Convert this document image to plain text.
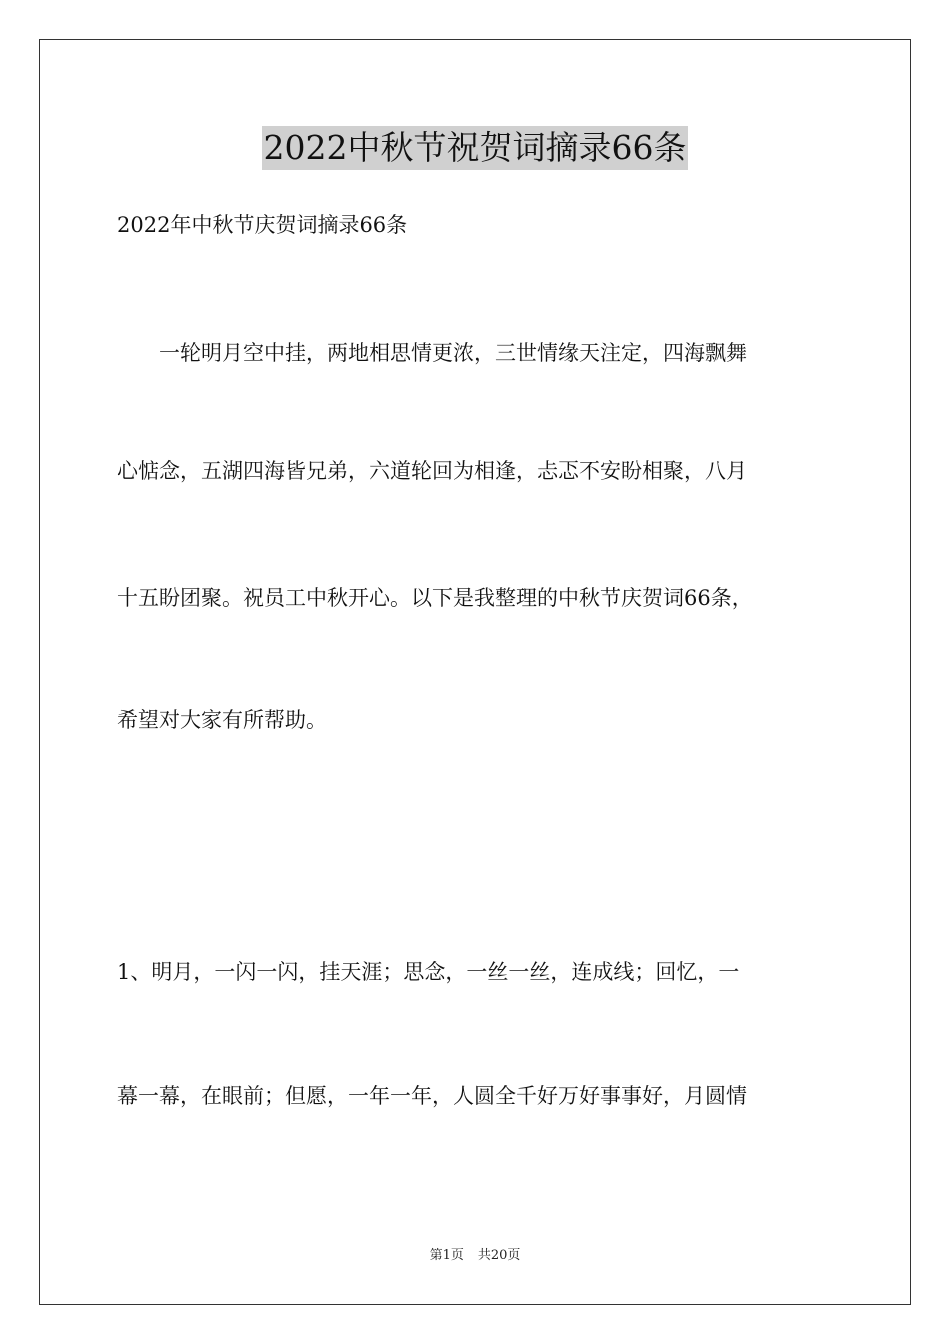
2022中秋节祝贺词摘录66条
2022年中秋节庆贺词摘录66条
一轮明月空中挂，两地相思情更浓，三世情缘天注定，四海飘舞
心惦念，五湖四海皆兄弟，六道轮回为相逢，忐忑不安盼相聚，八月
十五盼团聚。祝员工中秋开心。以下是我整理的中秋节庆贺词66条，
希望对大家有所帮助。
1、明月，一闪一闪，挂天涯；思念，一丝一丝，连成线；回忆，一
幕一幕，在眼前；但愿，一年一年，人圆全千好万好事事好，月圆情
第1页 共20页
